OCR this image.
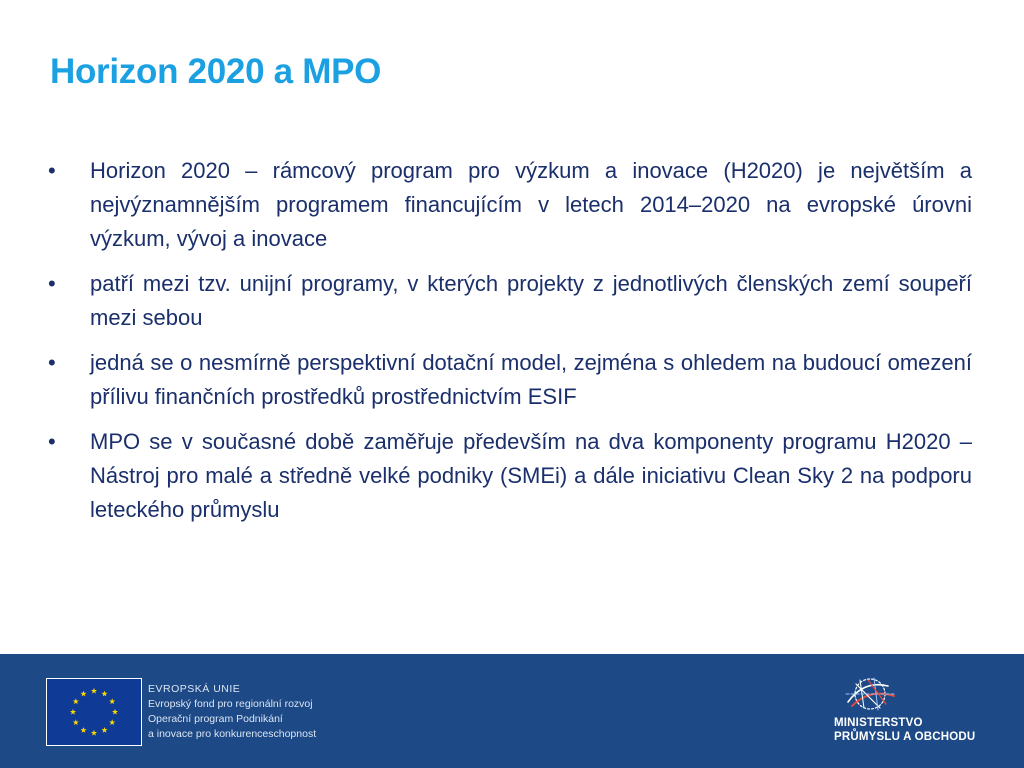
Horizon 2020 a MPO
•	Horizon 2020 – rámcový program pro výzkum a inovace (H2020) je největším a nejvýznamnějším programem financujícím v letech 2014–2020 na evropské úrovni výzkum, vývoj a inovace
•	patří mezi tzv. unijní programy, v kterých projekty z jednotlivých členských zemí soupeří mezi sebou
•	jedná se o nesmírně perspektivní dotační model, zejména s ohledem na budoucí omezení přílivu finančních prostředků prostřednictvím ESIF
•	MPO se v současné době zaměřuje především na dva komponenty programu H2020 – Nástroj pro malé a středně velké podniky (SMEi) a dále iniciativu Clean Sky 2 na podporu leteckého průmyslu
EVROPSKÁ UNIE
Evropský fond pro regionální rozvoj
Operační program Podnikání
a inovace pro konkurenceschopnost
MINISTERSTVO
PRŮMYSLU A OBCHODU
